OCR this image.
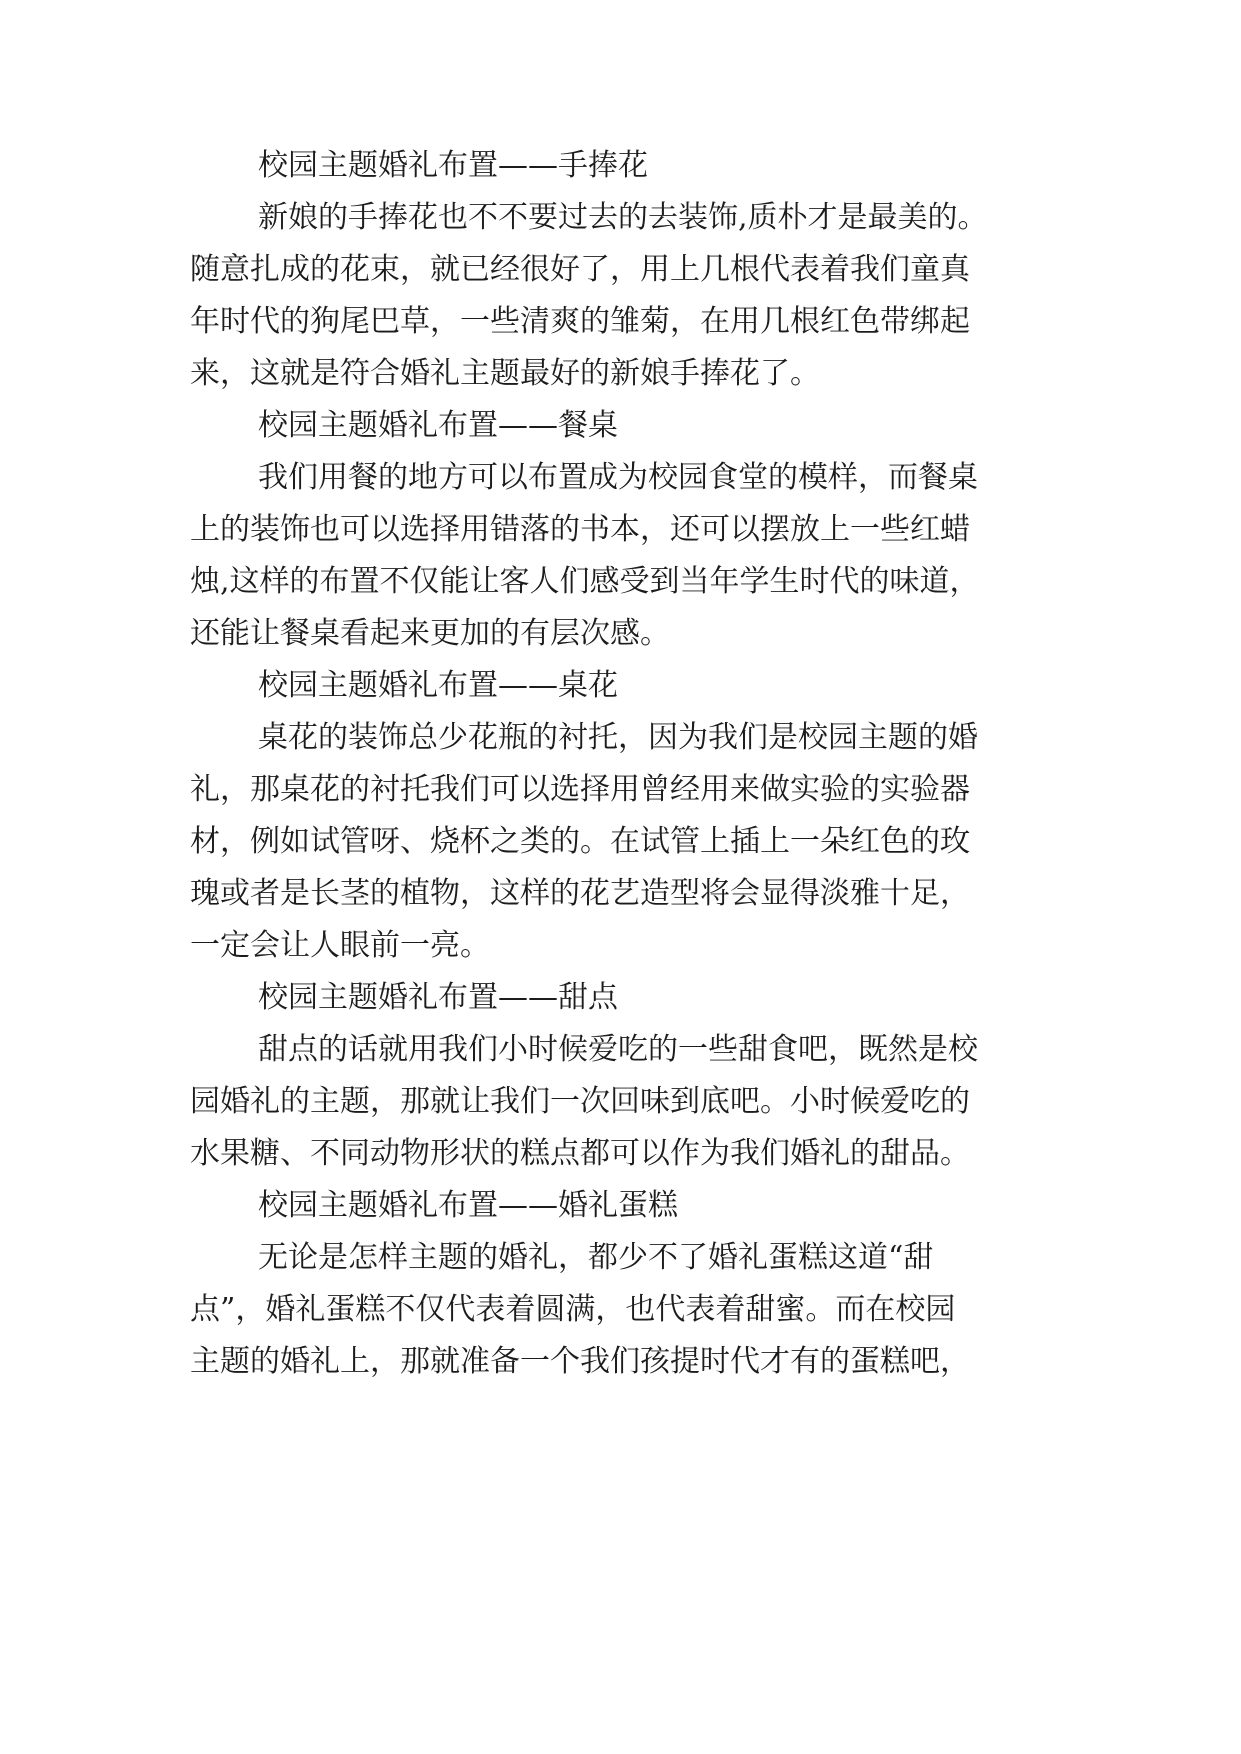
校园主题婚礼布置——手捧花
新娘的手捧花也不不要过去的去装饰,质朴才是最美的。
随意扎成的花束，就已经很好了，用上几根代表着我们童真
年时代的狗尾巴草，一些清爽的雏菊，在用几根红色带绑起
来，这就是符合婚礼主题最好的新娘手捧花了。
校园主题婚礼布置——餐桌
我们用餐的地方可以布置成为校园食堂的模样，而餐桌
上的装饰也可以选择用错落的书本，还可以摆放上一些红蜡
烛,这样的布置不仅能让客人们感受到当年学生时代的味道，
还能让餐桌看起来更加的有层次感。
校园主题婚礼布置——桌花
桌花的装饰总少花瓶的衬托，因为我们是校园主题的婚
礼，那桌花的衬托我们可以选择用曾经用来做实验的实验器
材，例如试管呀、烧杯之类的。在试管上插上一朵红色的玫
瑰或者是长茎的植物，这样的花艺造型将会显得淡雅十足，
一定会让人眼前一亮。
校园主题婚礼布置——甜点
甜点的话就用我们小时候爱吃的一些甜食吧，既然是校
园婚礼的主题，那就让我们一次回味到底吧。小时候爱吃的
水果糖、不同动物形状的糕点都可以作为我们婚礼的甜品。
校园主题婚礼布置——婚礼蛋糕
无论是怎样主题的婚礼，都少不了婚礼蛋糕这道“甜
点”，婚礼蛋糕不仅代表着圆满，也代表着甜蜜。而在校园
主题的婚礼上，那就准备一个我们孩提时代才有的蛋糕吧，
